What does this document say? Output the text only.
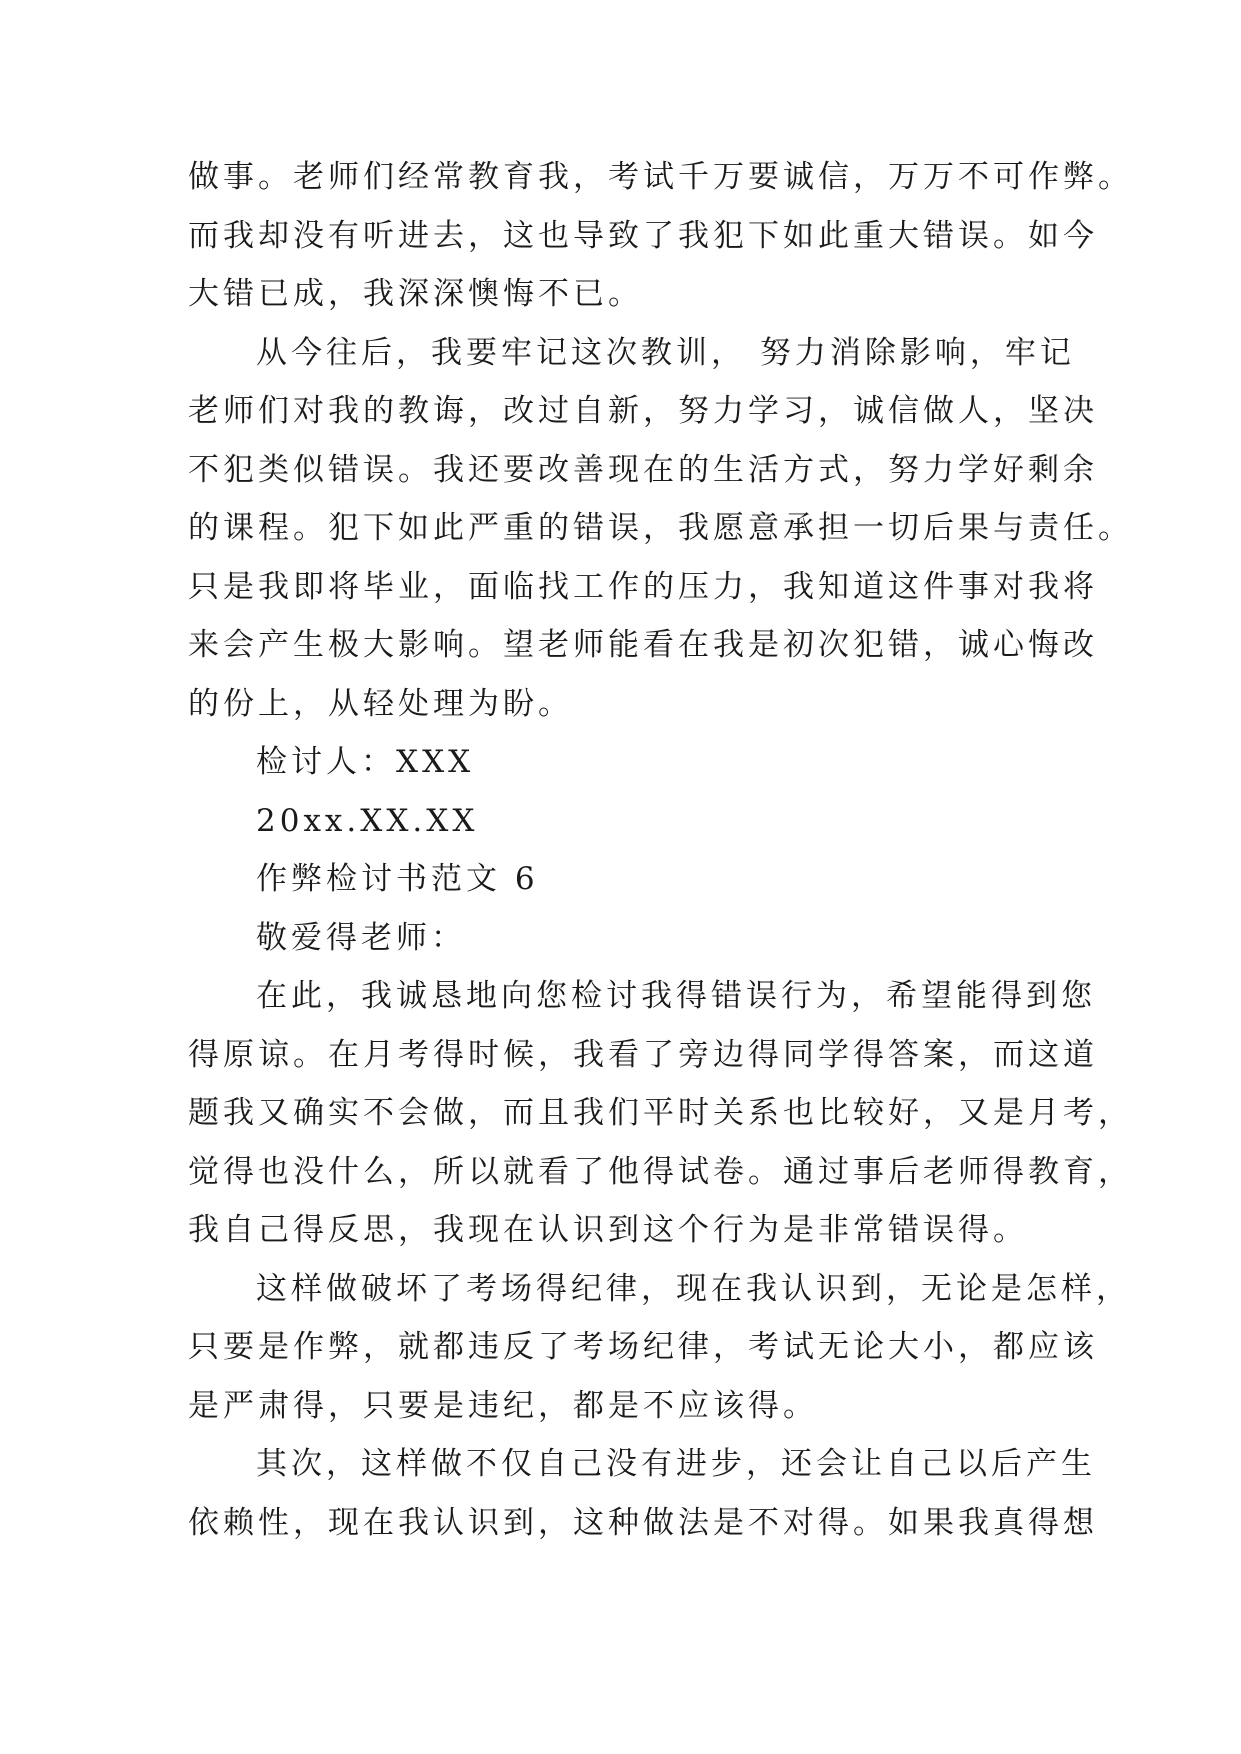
做事。老师们经常教育我，考试千万要诚信，万万不可作弊。
而我却没有听进去，这也导致了我犯下如此重大错误。如今
大错已成，我深深懊悔不已。
从今往后，我要牢记这次教训， 努力消除影响，牢记
老师们对我的教诲，改过自新，努力学习，诚信做人，坚决
不犯类似错误。我还要改善现在的生活方式，努力学好剩余
的课程。犯下如此严重的错误，我愿意承担一切后果与责任。
只是我即将毕业，面临找工作的压力，我知道这件事对我将
来会产生极大影响。望老师能看在我是初次犯错，诚心悔改
的份上，从轻处理为盼。
检讨人：XXX
20xx.XX.XX
作弊检讨书范文 6
敬爱得老师：
在此，我诚恳地向您检讨我得错误行为，希望能得到您
得原谅。在月考得时候，我看了旁边得同学得答案，而这道
题我又确实不会做，而且我们平时关系也比较好，又是月考，
觉得也没什么，所以就看了他得试卷。通过事后老师得教育，
我自己得反思，我现在认识到这个行为是非常错误得。
这样做破坏了考场得纪律，现在我认识到，无论是怎样，
只要是作弊，就都违反了考场纪律，考试无论大小，都应该
是严肃得，只要是违纪，都是不应该得。
其次，这样做不仅自己没有进步，还会让自己以后产生
依赖性，现在我认识到，这种做法是不对得。如果我真得想
